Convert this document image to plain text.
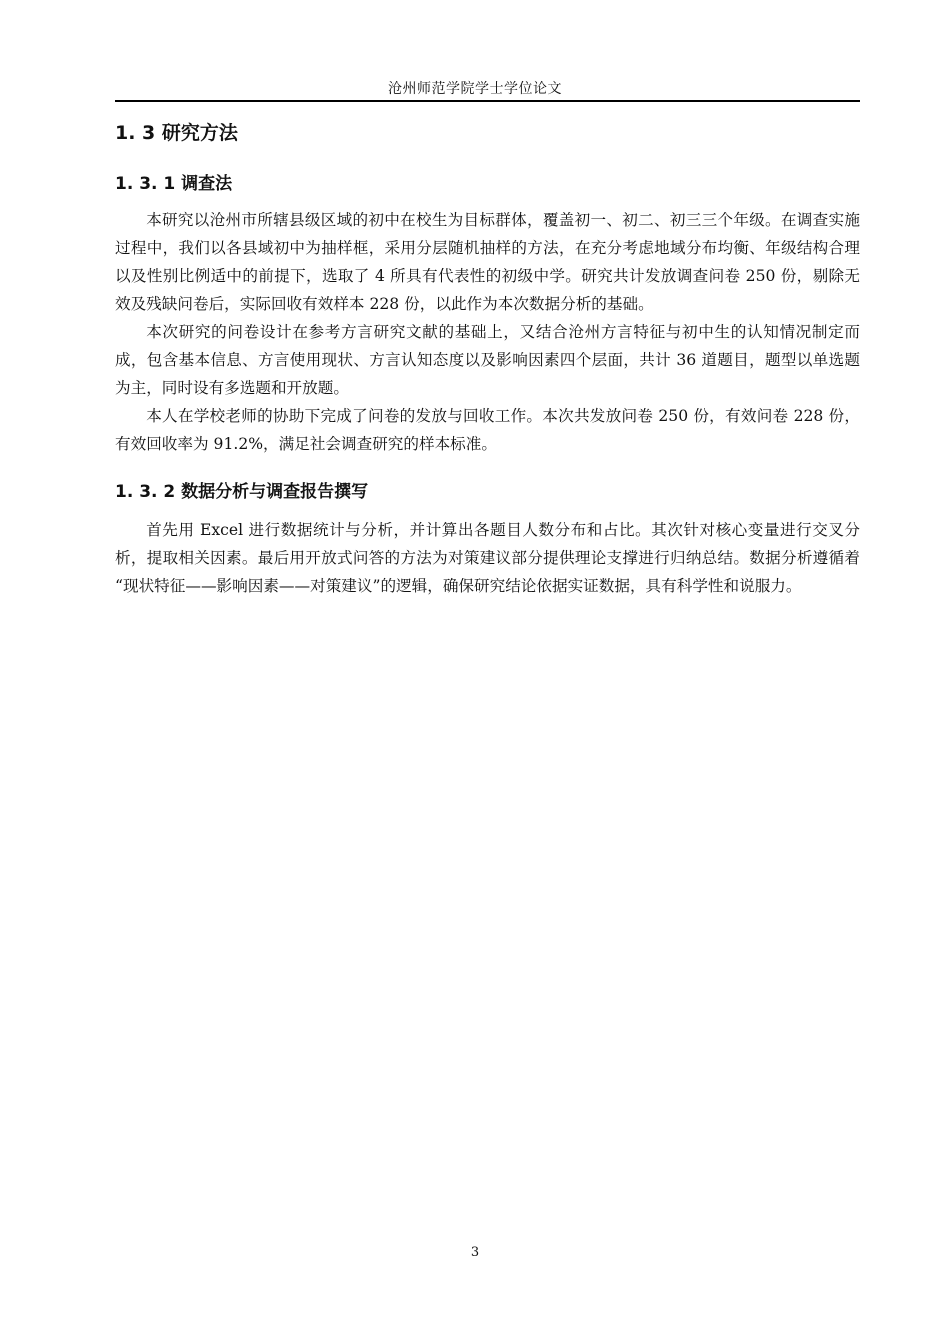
沧州师范学院学士学位论文
1. 3 研究方法
1. 3. 1 调查法

本研究以沧州市所辖县级区域的初中在校生为目标群体，覆盖初一、初二、初三三个年级。在调查实施过程中，我们以各县域初中为抽样框，采用分层随机抽样的方法，在充分考虑地域分布均衡、年级结构合理以及性别比例适中的前提下，选取了 4 所具有代表性的初级中学。研究共计发放调查问卷 250 份，剔除无效及残缺问卷后，实际回收有效样本 228 份，以此作为本次数据分析的基础。

本次研究的问卷设计在参考方言研究文献的基础上，又结合沧州方言特征与初中生的认知情况制定而成，包含基本信息、方言使用现状、方言认知态度以及影响因素四个层面，共计 36 道题目，题型以单选题为主，同时设有多选题和开放题。

本人在学校老师的协助下完成了问卷的发放与回收工作。本次共发放问卷 250 份，有效问卷 228 份，有效回收率为 91.2%，满足社会调查研究的样本标准。

1. 3. 2 数据分析与调查报告撰写

首先用 Excel 进行数据统计与分析，并计算出各题目人数分布和占比。其次针对核心变量进行交叉分析，提取相关因素。最后用开放式问答的方法为对策建议部分提供理论支撑进行归纳总结。数据分析遵循着 “现状特征——影响因素——对策建议”的逻辑，确保研究结论依据实证数据，具有科学性和说服力。

3
